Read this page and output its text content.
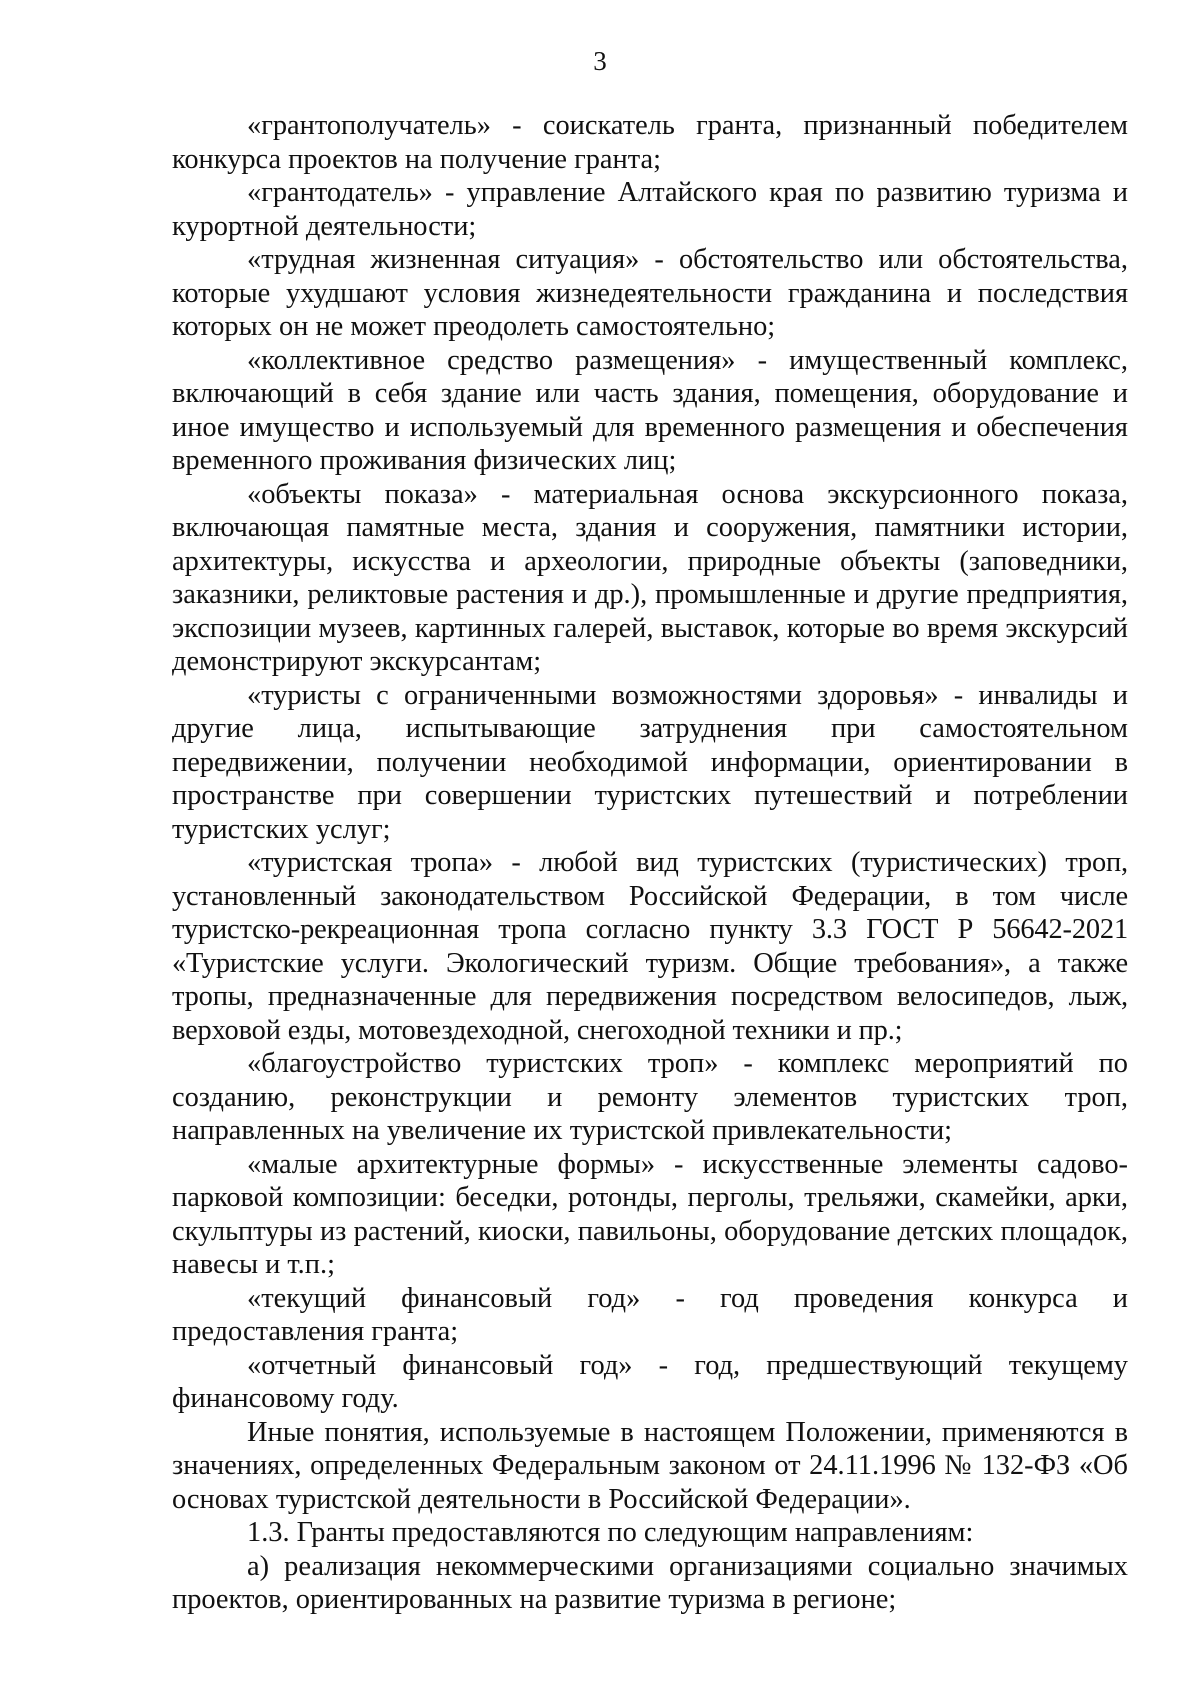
3

«грантополучатель» - соискатель гранта, признанный победителем конкурса проектов на получение гранта;

«грантодатель» - управление Алтайского края по развитию туризма и курортной деятельности;

«трудная жизненная ситуация» - обстоятельство или обстоятельства, которые ухудшают условия жизнедеятельности гражданина и последствия которых он не может преодолеть самостоятельно;

«коллективное средство размещения» - имущественный комплекс, включающий в себя здание или часть здания, помещения, оборудование и иное имущество и используемый для временного размещения и обеспечения временного проживания физических лиц;

«объекты показа» - материальная основа экскурсионного показа, включающая памятные места, здания и сооружения, памятники истории, архитектуры, искусства и археологии, природные объекты (заповедники, заказники, реликтовые растения и др.), промышленные и другие предприятия, экспозиции музеев, картинных галерей, выставок, которые во время экскурсий демонстрируют экскурсантам;

«туристы с ограниченными возможностями здоровья» - инвалиды и другие лица, испытывающие затруднения при самостоятельном передвижении, получении необходимой информации, ориентировании в пространстве при совершении туристских путешествий и потреблении туристских услуг;

«туристская тропа» - любой вид туристских (туристических) троп, установленный законодательством Российской Федерации, в том числе туристско-рекреационная тропа согласно пункту 3.3 ГОСТ Р 56642-2021 «Туристские услуги. Экологический туризм. Общие требования», а также тропы, предназначенные для передвижения посредством велосипедов, лыж, верховой езды, мотовездеходной, снегоходной техники и пр.;

«благоустройство туристских троп» - комплекс мероприятий по созданию, реконструкции и ремонту элементов туристских троп, направленных на увеличение их туристской привлекательности;

«малые архитектурные формы» - искусственные элементы садово-парковой композиции: беседки, ротонды, перголы, трельяжи, скамейки, арки, скульптуры из растений, киоски, павильоны, оборудование детских площадок, навесы и т.п.;

«текущий финансовый год» - год проведения конкурса и предоставления гранта;

«отчетный финансовый год» - год, предшествующий текущему финансовому году.

Иные понятия, используемые в настоящем Положении, применяются в значениях, определенных Федеральным законом от 24.11.1996 № 132-ФЗ «Об основах туристской деятельности в Российской Федерации».

1.3. Гранты предоставляются по следующим направлениям:

а) реализация некоммерческими организациями социально значимых проектов, ориентированных на развитие туризма в регионе;
